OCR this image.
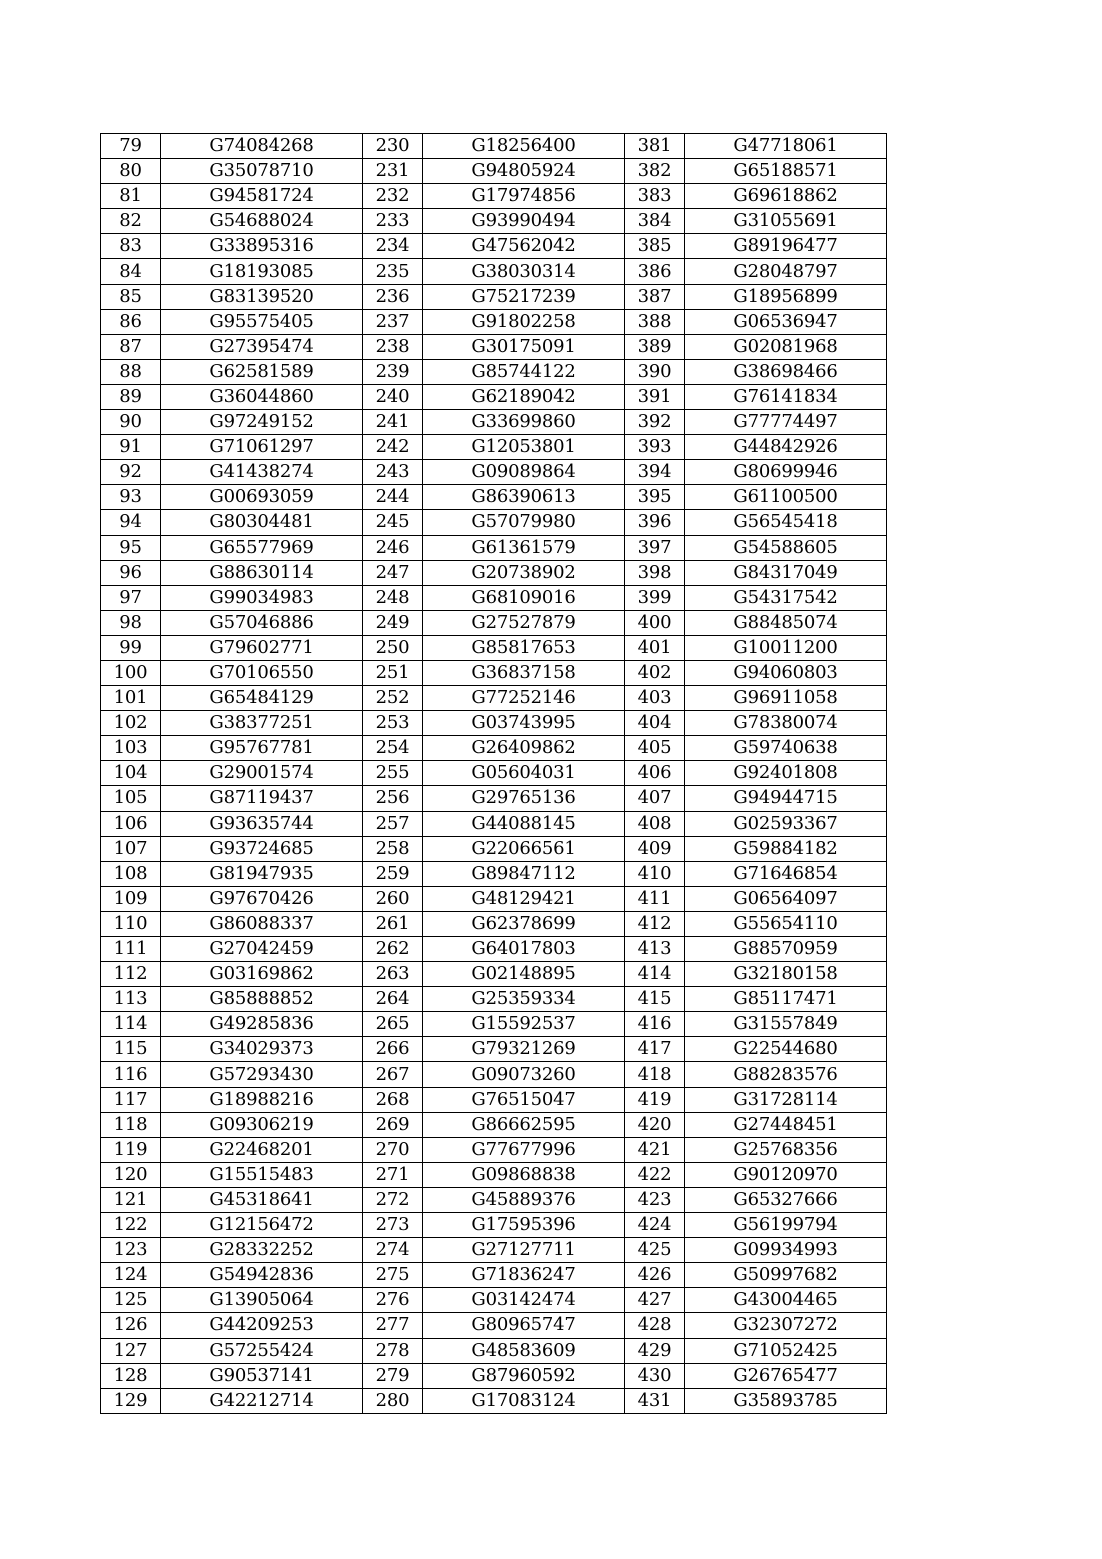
79	G74084268	230	G18256400	381	G47718061
80	G35078710	231	G94805924	382	G65188571
81	G94581724	232	G17974856	383	G69618862
82	G54688024	233	G93990494	384	G31055691
83	G33895316	234	G47562042	385	G89196477
84	G18193085	235	G38030314	386	G28048797
85	G83139520	236	G75217239	387	G18956899
86	G95575405	237	G91802258	388	G06536947
87	G27395474	238	G30175091	389	G02081968
88	G62581589	239	G85744122	390	G38698466
89	G36044860	240	G62189042	391	G76141834
90	G97249152	241	G33699860	392	G77774497
91	G71061297	242	G12053801	393	G44842926
92	G41438274	243	G09089864	394	G80699946
93	G00693059	244	G86390613	395	G61100500
94	G80304481	245	G57079980	396	G56545418
95	G65577969	246	G61361579	397	G54588605
96	G88630114	247	G20738902	398	G84317049
97	G99034983	248	G68109016	399	G54317542
98	G57046886	249	G27527879	400	G88485074
99	G79602771	250	G85817653	401	G10011200
100	G70106550	251	G36837158	402	G94060803
101	G65484129	252	G77252146	403	G96911058
102	G38377251	253	G03743995	404	G78380074
103	G95767781	254	G26409862	405	G59740638
104	G29001574	255	G05604031	406	G92401808
105	G87119437	256	G29765136	407	G94944715
106	G93635744	257	G44088145	408	G02593367
107	G93724685	258	G22066561	409	G59884182
108	G81947935	259	G89847112	410	G71646854
109	G97670426	260	G48129421	411	G06564097
110	G86088337	261	G62378699	412	G55654110
111	G27042459	262	G64017803	413	G88570959
112	G03169862	263	G02148895	414	G32180158
113	G85888852	264	G25359334	415	G85117471
114	G49285836	265	G15592537	416	G31557849
115	G34029373	266	G79321269	417	G22544680
116	G57293430	267	G09073260	418	G88283576
117	G18988216	268	G76515047	419	G31728114
118	G09306219	269	G86662595	420	G27448451
119	G22468201	270	G77677996	421	G25768356
120	G15515483	271	G09868838	422	G90120970
121	G45318641	272	G45889376	423	G65327666
122	G12156472	273	G17595396	424	G56199794
123	G28332252	274	G27127711	425	G09934993
124	G54942836	275	G71836247	426	G50997682
125	G13905064	276	G03142474	427	G43004465
126	G44209253	277	G80965747	428	G32307272
127	G57255424	278	G48583609	429	G71052425
128	G90537141	279	G87960592	430	G26765477
129	G42212714	280	G17083124	431	G35893785
